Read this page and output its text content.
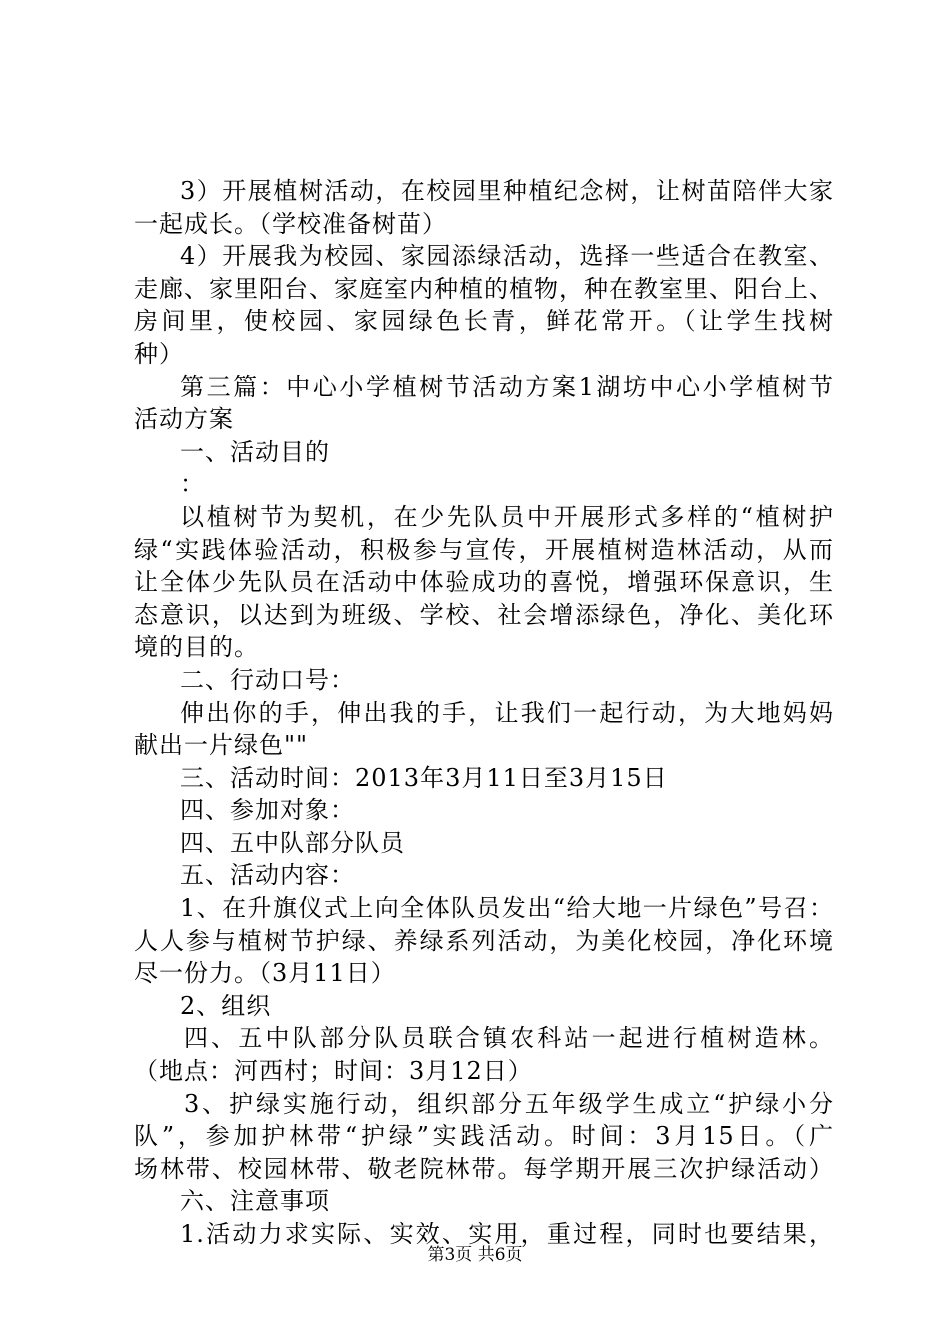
3）开展植树活动，在校园里种植纪念树，让树苗陪伴大家
一起成长。（学校准备树苗）
4）开展我为校园、家园添绿活动，选择一些适合在教室、
走廊、家里阳台、家庭室内种植的植物，种在教室里、阳台上、
房间里，使校园、家园绿色长青，鲜花常开。（让学生找树
种）
第三篇：中心小学植树节活动方案1湖坊中心小学植树节
活动方案
一、活动目的
：
以植树节为契机，在少先队员中开展形式多样的“植树护
绿“实践体验活动，积极参与宣传，开展植树造林活动，从而
让全体少先队员在活动中体验成功的喜悦，增强环保意识，生
态意识，以达到为班级、学校、社会增添绿色，净化、美化环
境的目的。
二、行动口号：
伸出你的手，伸出我的手，让我们一起行动，为大地妈妈
献出一片绿色""
三、活动时间：2013年3月11日至3月15日
四、参加对象：
四、五中队部分队员
五、活动内容：
1、在升旗仪式上向全体队员发出“给大地一片绿色”号召：
人人参与植树节护绿、养绿系列活动，为美化校园，净化环境
尽一份力。（3月11日）
2、组织
四、五中队部分队员联合镇农科站一起进行植树造林。
（地点：河西村；时间：3月12日）
3、护绿实施行动，组织部分五年级学生成立“护绿小分
队”，参加护林带“护绿”实践活动。时间：3月15日。（广
场林带、校园林带、敬老院林带。每学期开展三次护绿活动）
六、注意事项
1.活动力求实际、实效、实用，重过程，同时也要结果，
第3页 共6页
